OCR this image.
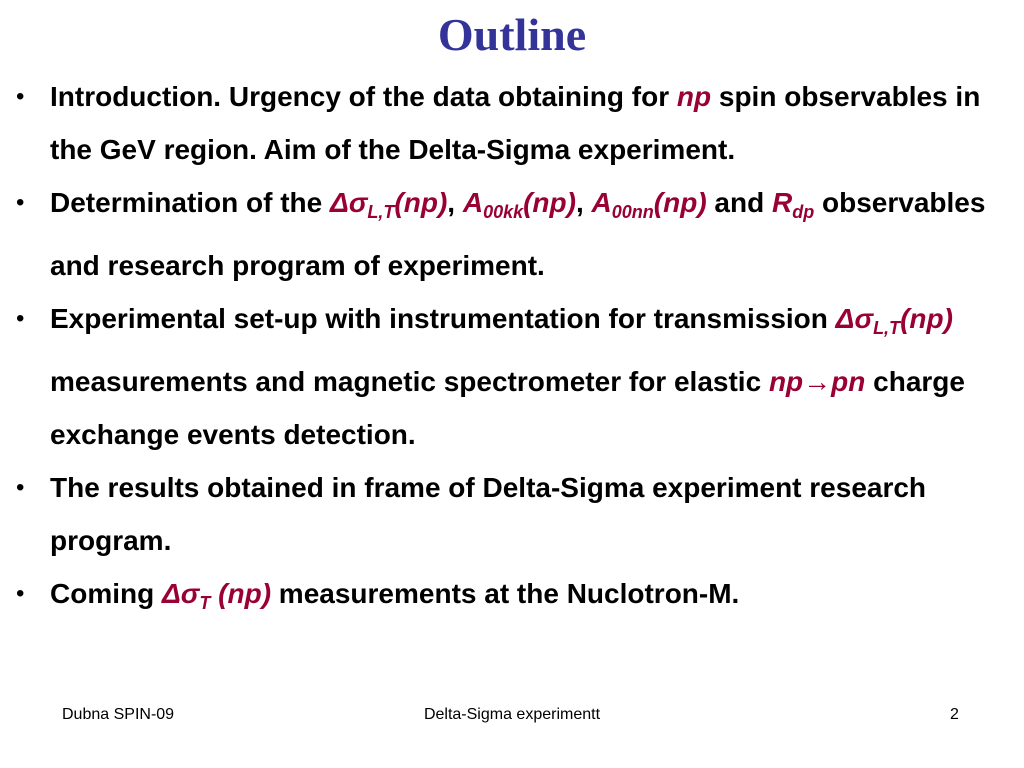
Outline
• Introduction. Urgency of the data obtaining for np spin observables in the GeV region. Aim of the Delta-Sigma experiment.
• Determination of the $\Delta\sigma_{L,T}(np)$, $A_{00kk}(np)$, $A_{00nn}(np)$ and $R_{dp}$ observables and research program of experiment.
• Experimental set-up with instrumentation for transmission $\Delta\sigma_{L,T}(np)$ measurements and magnetic spectrometer for elastic np→pn charge exchange events detection.
• The results obtained in frame of Delta-Sigma experiment research program.
• Coming $\Delta\sigma_T$ (np) measurements at the Nuclotron-M.
Dubna SPIN-09	Delta-Sigma experimentt	2
